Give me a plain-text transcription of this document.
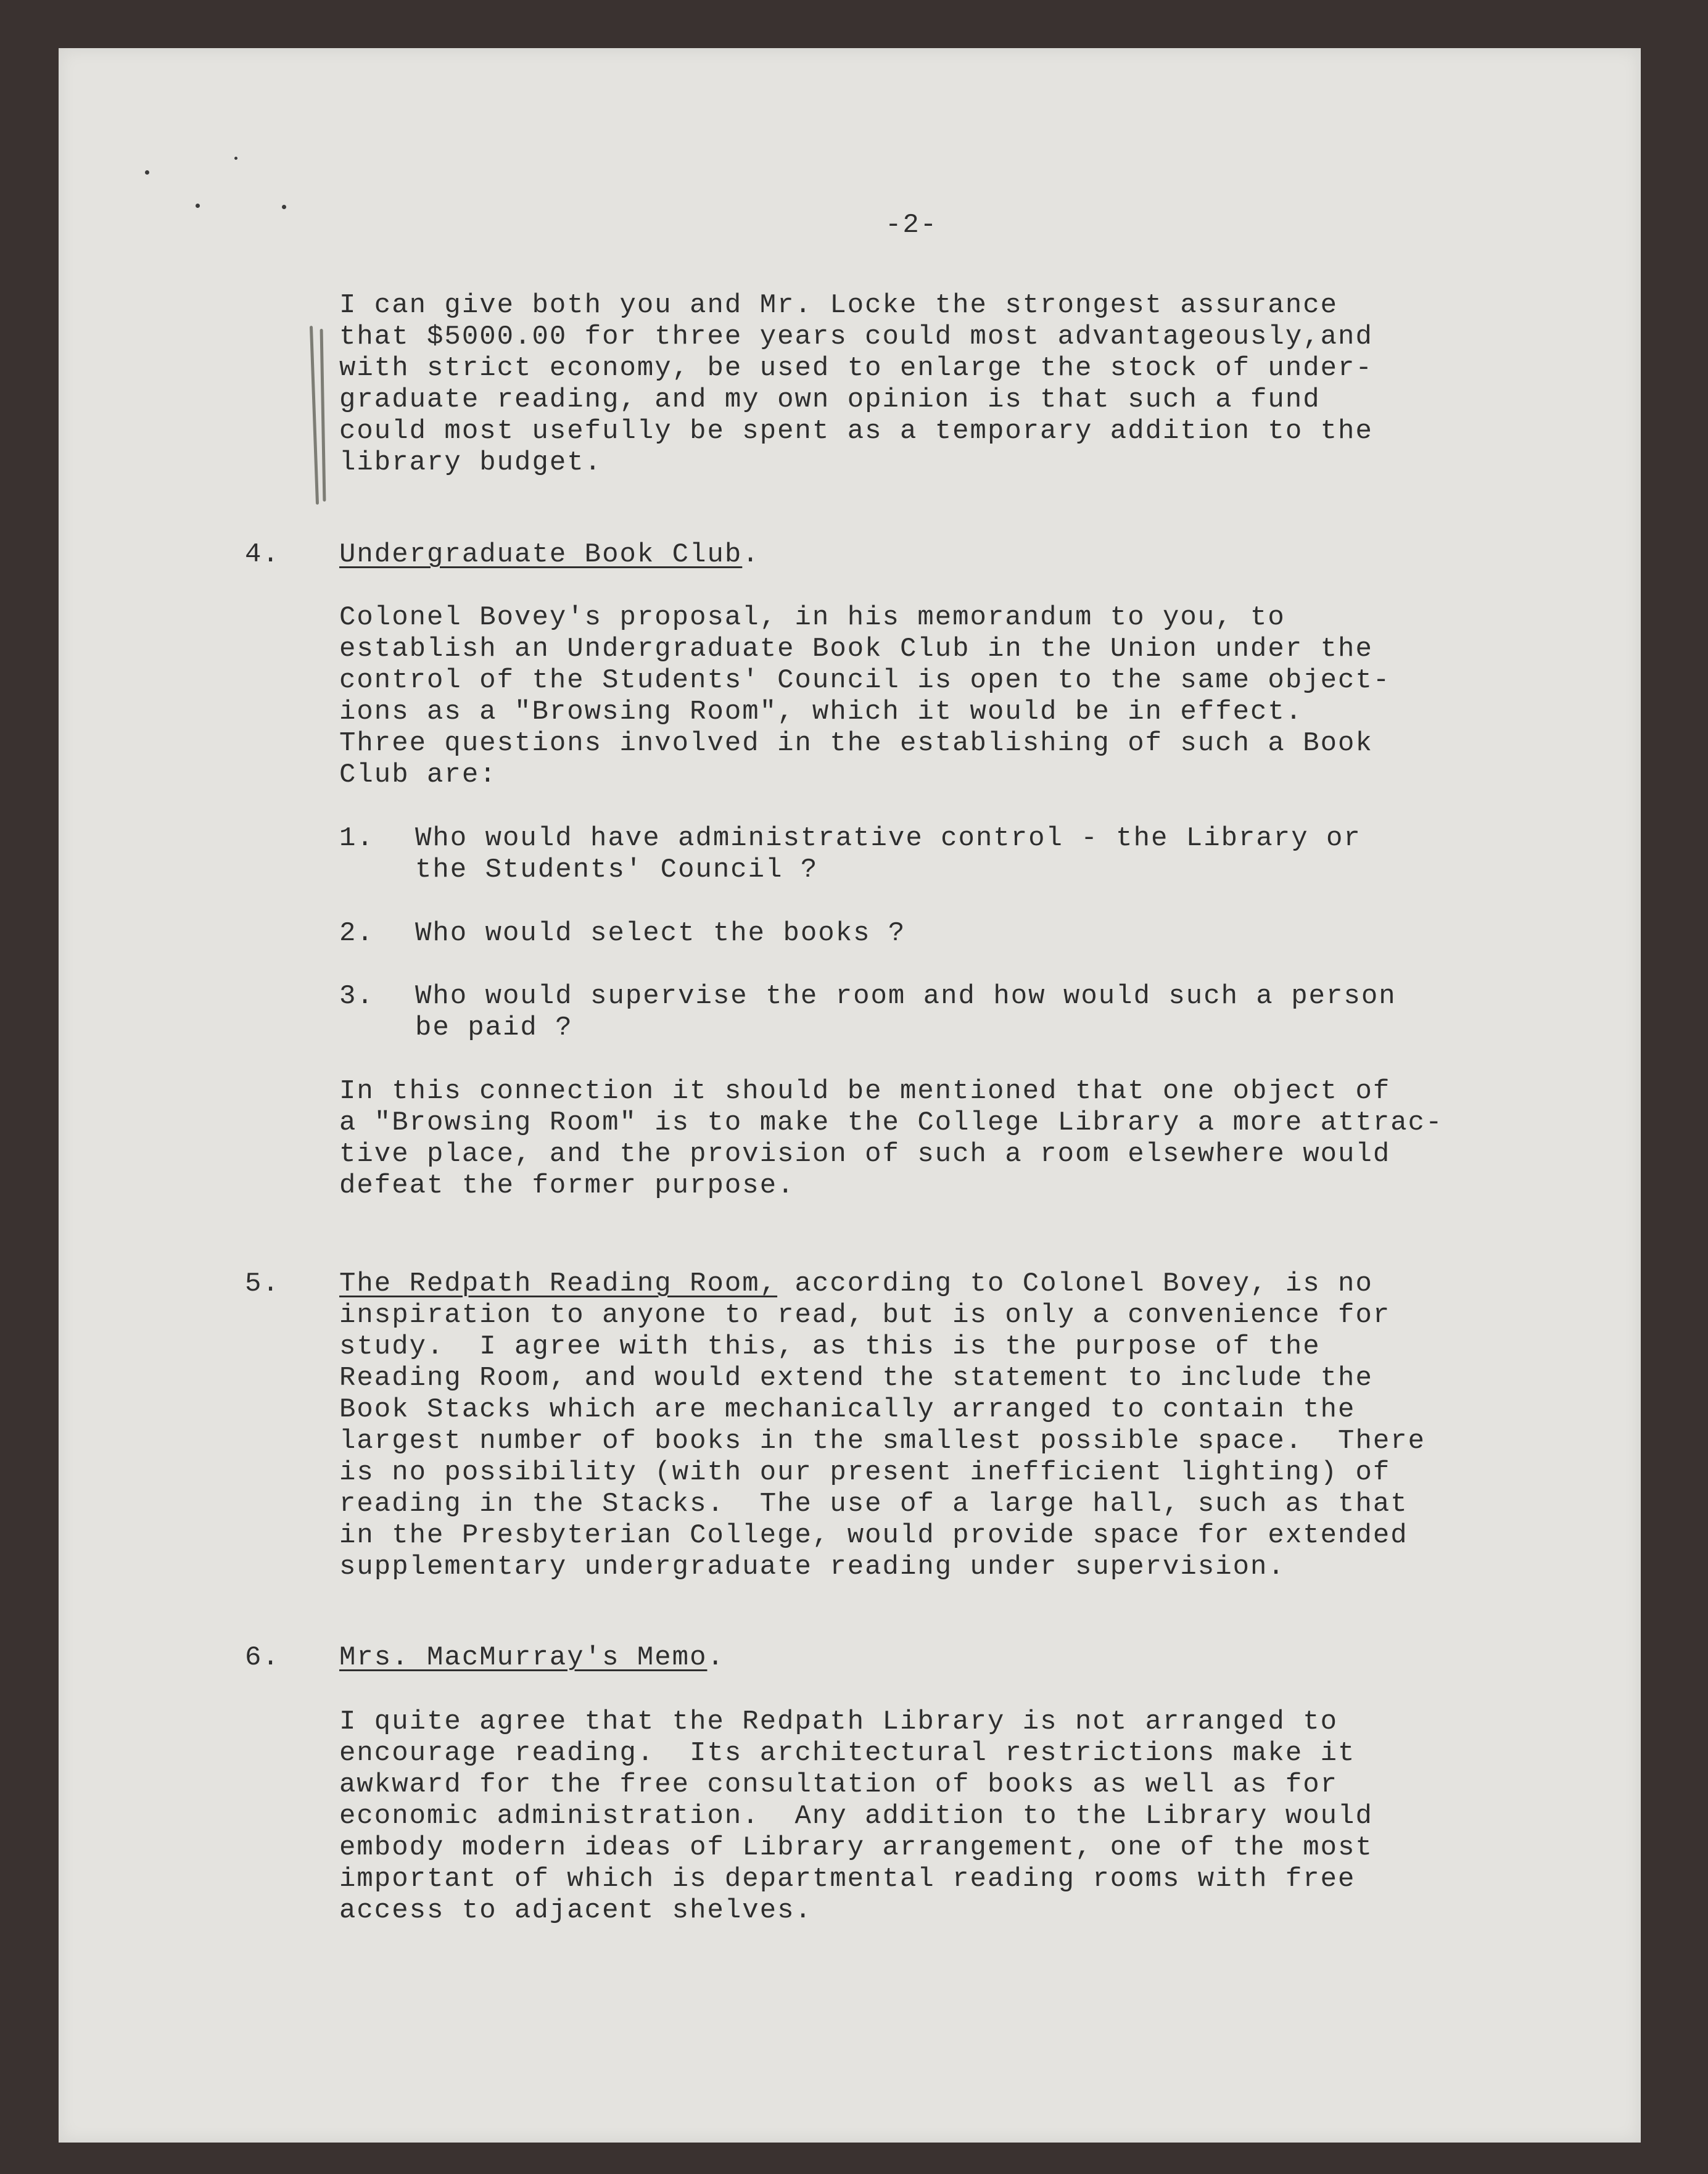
-2-

I can give both you and Mr. Locke the strongest assurance
that $5000.00 for three years could most advantageously,and
with strict economy, be used to enlarge the stock of under-
graduate reading, and my own opinion is that such a fund
could most usefully be spent as a temporary addition to the
library budget.

4. Undergraduate Book Club.

Colonel Bovey's proposal, in his memorandum to you, to
establish an Undergraduate Book Club in the Union under the
control of the Students' Council is open to the same object-
ions as a "Browsing Room", which it would be in effect.
Three questions involved in the establishing of such a Book
Club are:

1. Who would have administrative control - the Library or
the Students' Council ?

2. Who would select the books ?

3. Who would supervise the room and how would such a person
be paid ?

In this connection it should be mentioned that one object of
a "Browsing Room" is to make the College Library a more attrac-
tive place, and the provision of such a room elsewhere would
defeat the former purpose.

5. The Redpath Reading Room, according to Colonel Bovey, is no

inspiration to anyone to read, but is only a convenience for
study.  I agree with this, as this is the purpose of the
Reading Room, and would extend the statement to include the
Book Stacks which are mechanically arranged to contain the
largest number of books in the smallest possible space.  There
is no possibility (with our present inefficient lighting) of
reading in the Stacks.  The use of a large hall, such as that
in the Presbyterian College, would provide space for extended
supplementary undergraduate reading under supervision.

6. Mrs. MacMurray's Memo.

I quite agree that the Redpath Library is not arranged to
encourage reading.  Its architectural restrictions make it
awkward for the free consultation of books as well as for
economic administration.  Any addition to the Library would
embody modern ideas of Library arrangement, one of the most
important of which is departmental reading rooms with free
access to adjacent shelves.
